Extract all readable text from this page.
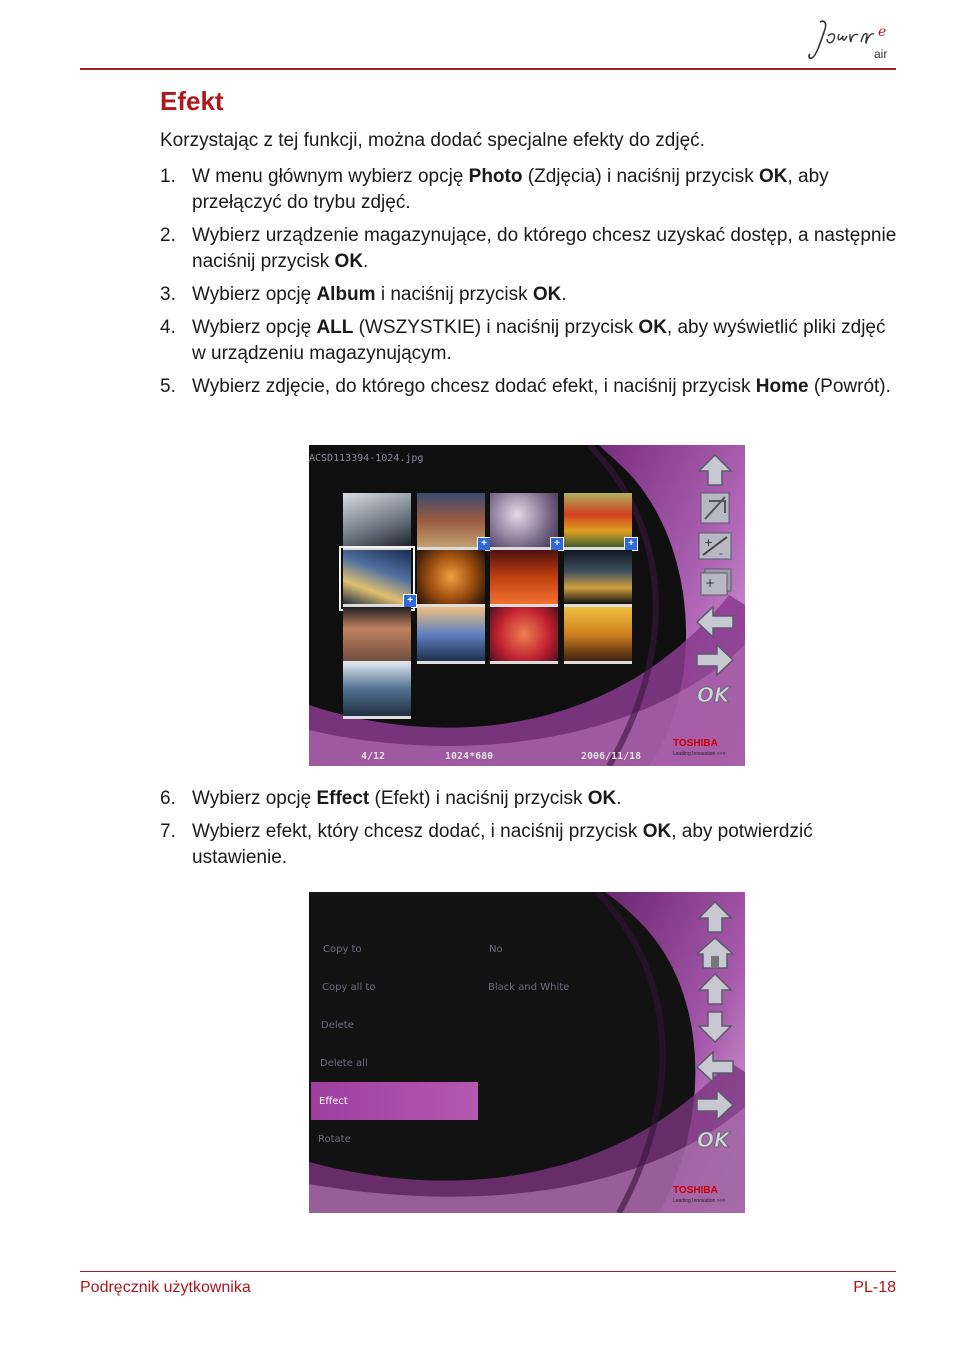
e
air
Efekt

Korzystając z tej funkcji, można dodać specjalne efekty do zdjęć.

1. W menu głównym wybierz opcję Photo (Zdjęcia) i naciśnij przycisk OK, aby przełączyć do trybu zdjęć.
2. Wybierz urządzenie magazynujące, do którego chcesz uzyskać dostęp, a następnie naciśnij przycisk OK.
3. Wybierz opcję Album i naciśnij przycisk OK.
4. Wybierz opcję ALL (WSZYSTKIE) i naciśnij przycisk OK, aby wyświetlić pliki zdjęć w urządzeniu magazynującym.
5. Wybierz zdjęcie, do którego chcesz dodać efekt, i naciśnij przycisk Home (Powrót).
ACSD113394-1024.jpg
+	+	+
+
+
-
+
OK
4/12	1024*680	2006/11/18
TOSHIBA
Leading Innovation >>>
6. Wybierz opcję Effect (Efekt) i naciśnij przycisk OK.
7. Wybierz efekt, który chcesz dodać, i naciśnij przycisk OK, aby potwierdzić ustawienie.
Copy to
Copy all to
Delete
Delete all
Effect
Rotate
No
Black and White
OK
TOSHIBA
Leading Innovation >>>
Podręcznik użytkownika	PL-18
